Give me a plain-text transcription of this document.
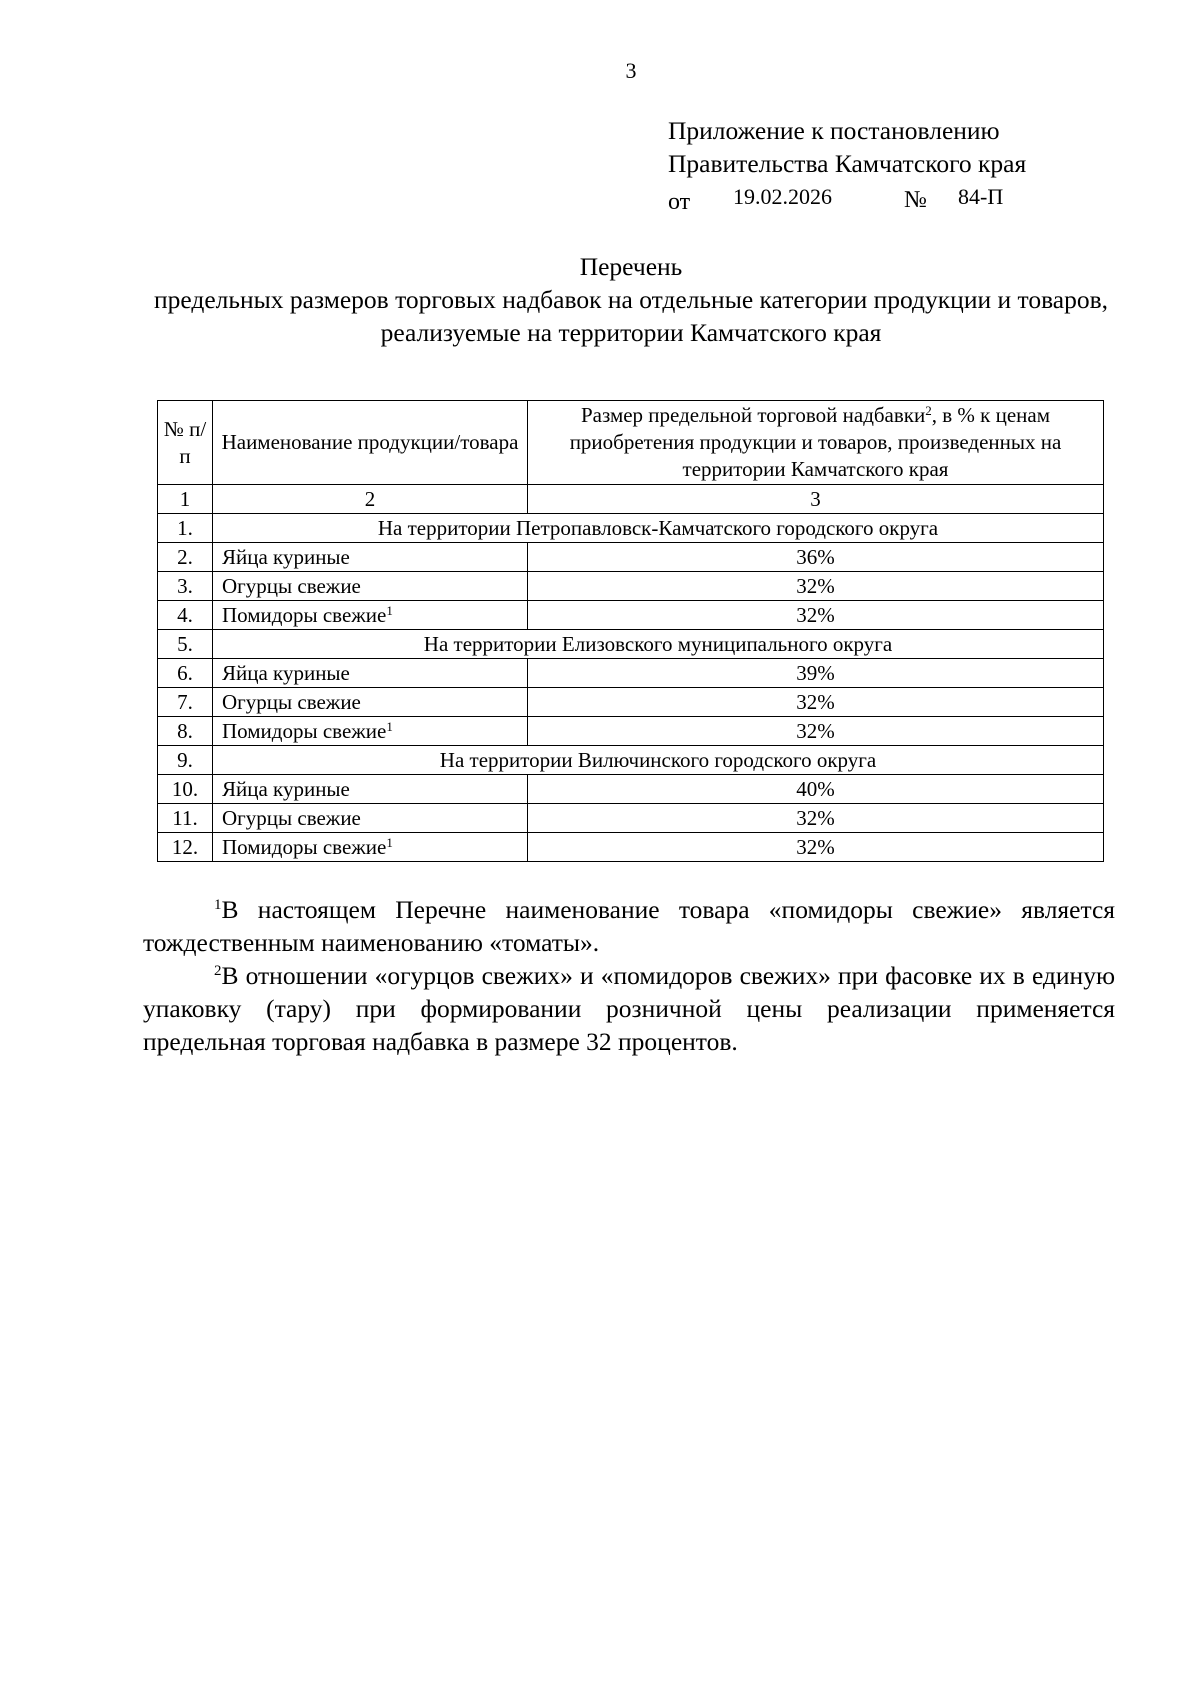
3
Приложение к постановлению
Правительства Камчатского края
от 19.02.2026	№ 84-П
Перечень
предельных размеров торговых надбавок на отдельные категории продукции и товаров, реализуемые на территории Камчатского края
№ п/п	Наименование продукции/товара	Размер предельной торговой надбавки$^2$, в % к ценам приобретения продукции и товаров, произведенных на территории Камчатского края
1	2	3
1.	На территории Петропавловск-Камчатского городского округа	
2.	Яйца куриные	36%
3.	Огурцы свежие	32%
4.	Помидоры свежие$^1$	32%
5.	На территории Елизовского муниципального округа	
6.	Яйца куриные	39%
7.	Огурцы свежие	32%
8.	Помидоры свежие$^1$	32%
9.	На территории Вилючинского городского округа	
10.	Яйца куриные	40%
11.	Огурцы свежие	32%
12.	Помидоры свежие$^1$	32%

$^1$В настоящем Перечне наименование товара «помидоры свежие» является тождественным наименованию «томаты».

$^2$В отношении «огурцов свежих» и «помидоров свежих» при фасовке их в единую упаковку (тару) при формировании розничной цены реализации применяется предельная торговая надбавка в размере 32 процентов.
